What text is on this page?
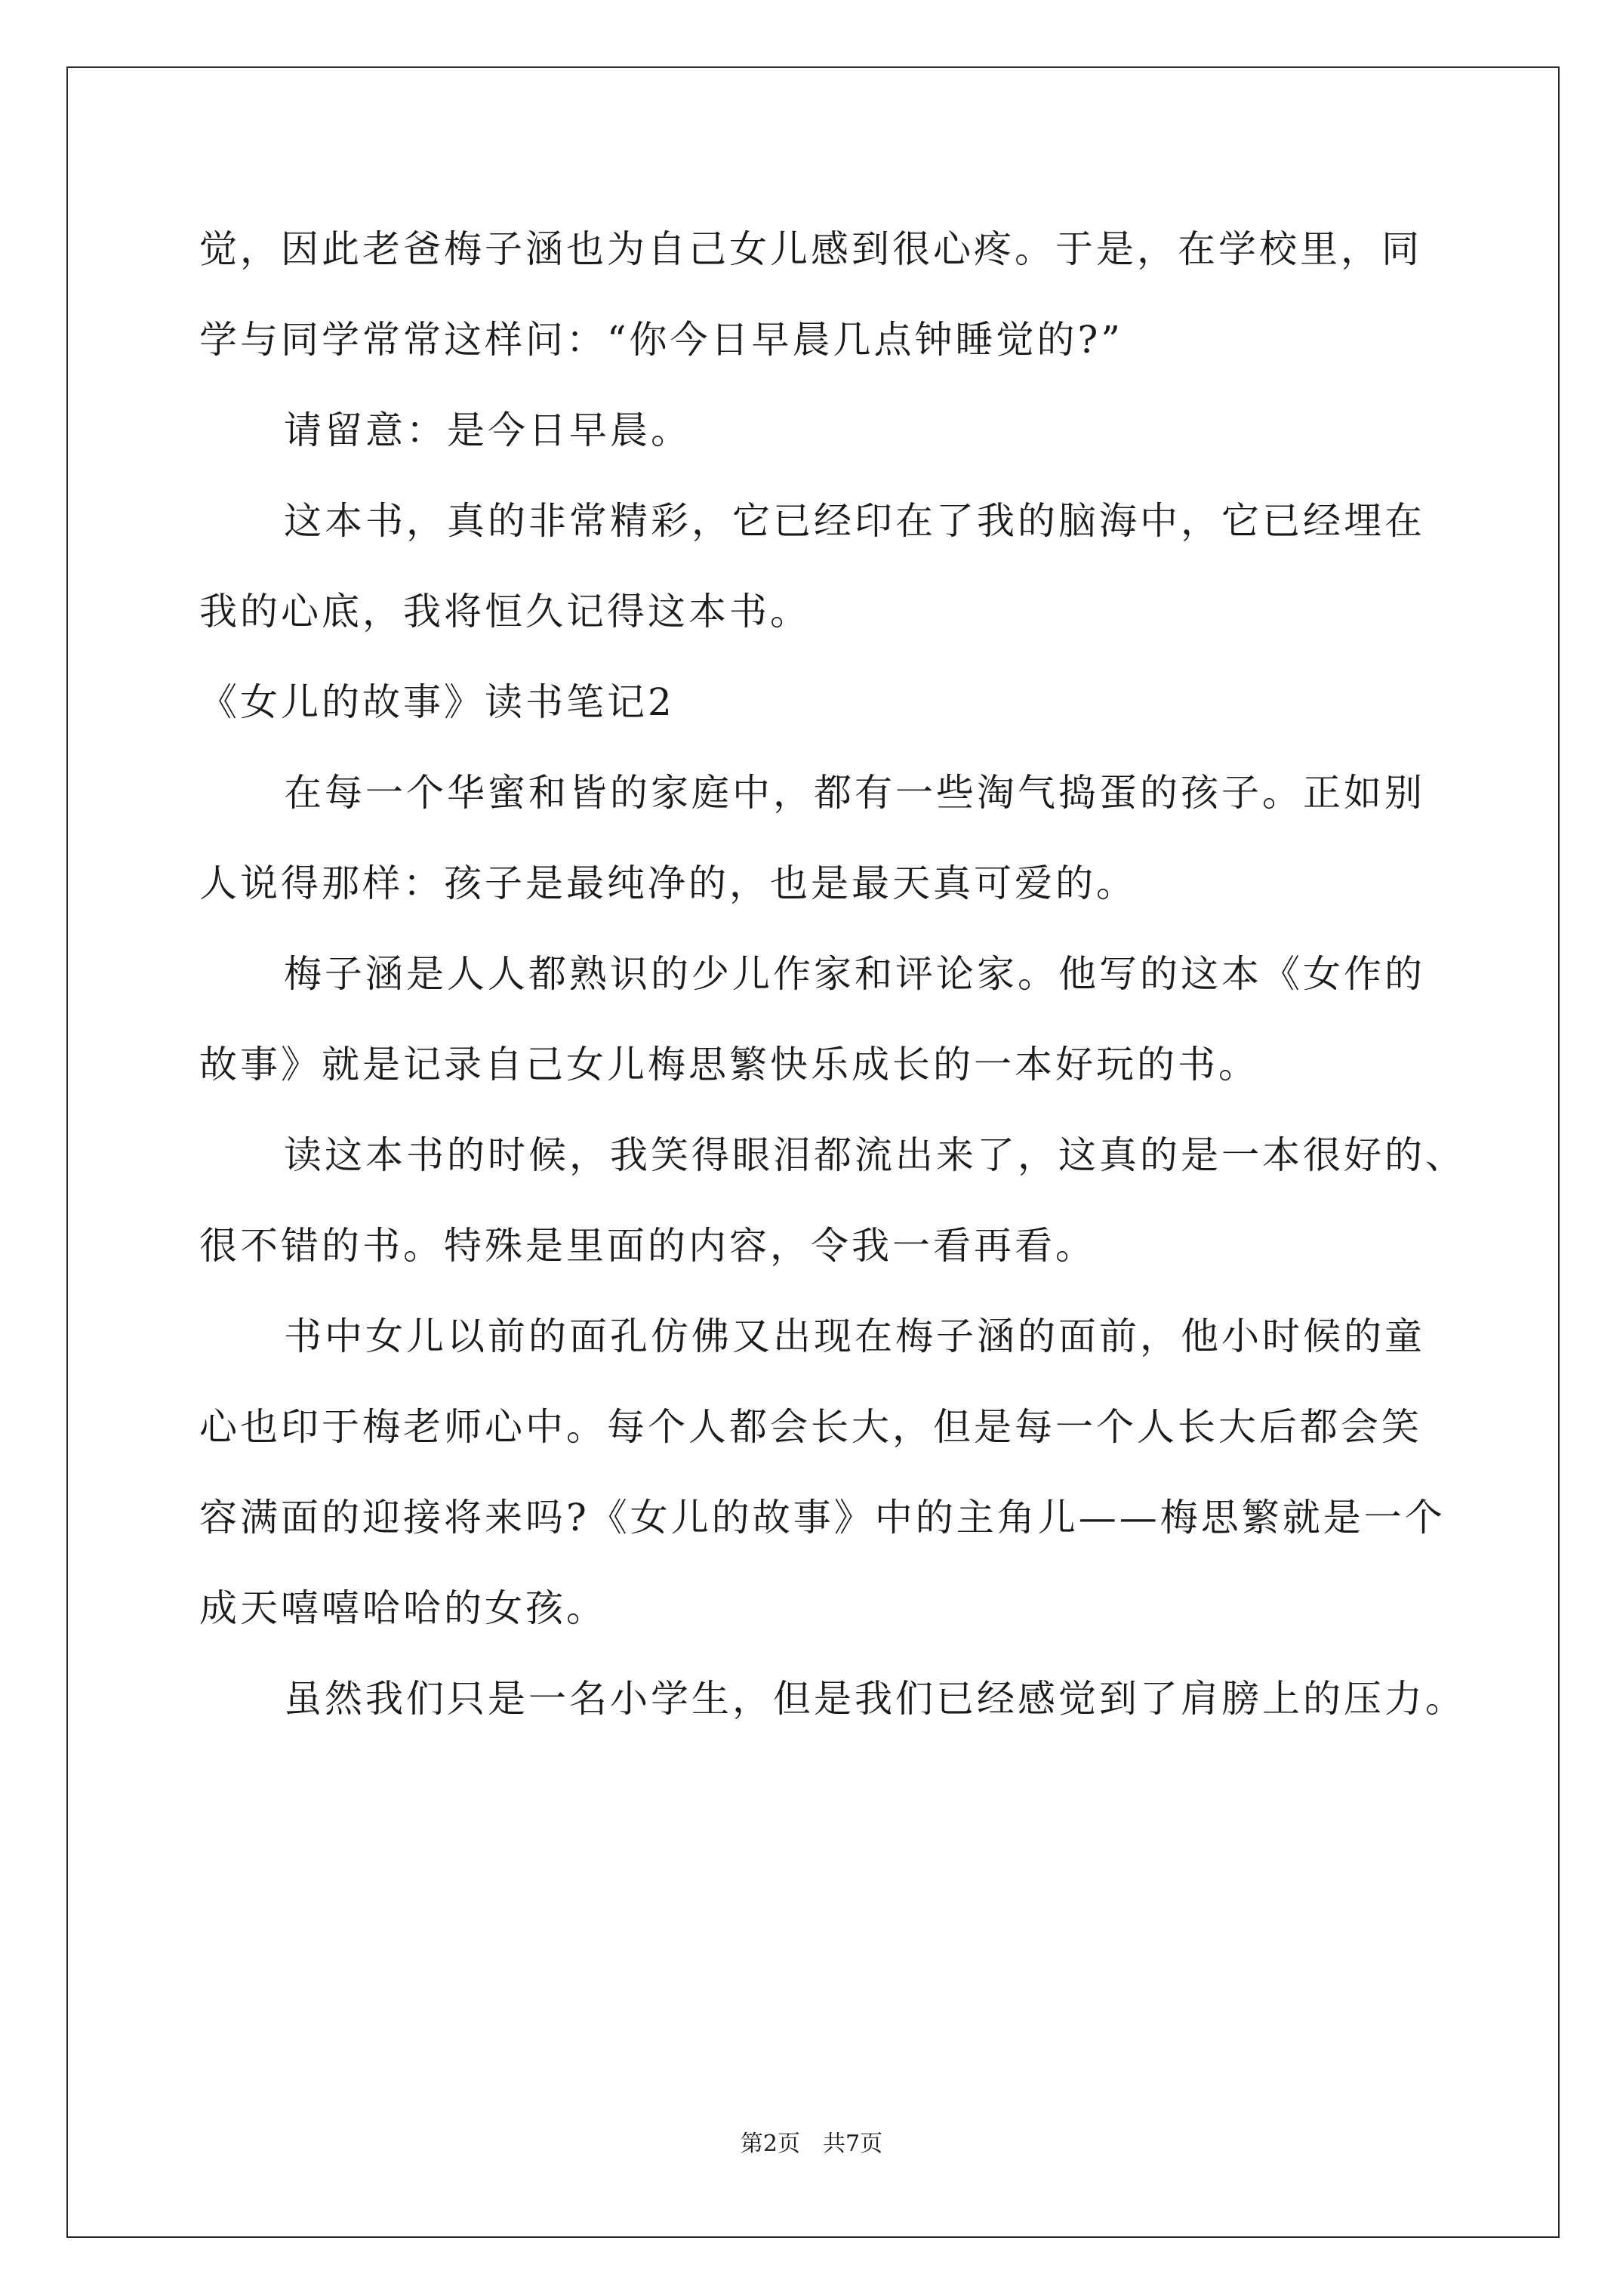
觉，因此老爸梅子涵也为自己女儿感到很心疼。于是，在学校里，同
学与同学常常这样问：“你今日早晨几点钟睡觉的?”
请留意：是今日早晨。
这本书，真的非常精彩，它已经印在了我的脑海中，它已经埋在
我的心底，我将恒久记得这本书。
《女儿的故事》读书笔记2
在每一个华蜜和皆的家庭中，都有一些淘气捣蛋的孩子。正如别
人说得那样：孩子是最纯净的，也是最天真可爱的。
梅子涵是人人都熟识的少儿作家和评论家。他写的这本《女作的
故事》就是记录自己女儿梅思繁快乐成长的一本好玩的书。
读这本书的时候，我笑得眼泪都流出来了，这真的是一本很好的、
很不错的书。特殊是里面的内容，令我一看再看。
书中女儿以前的面孔仿佛又出现在梅子涵的面前，他小时候的童
心也印于梅老师心中。每个人都会长大，但是每一个人长大后都会笑
容满面的迎接将来吗?《女儿的故事》中的主角儿——梅思繁就是一个
成天嘻嘻哈哈的女孩。
虽然我们只是一名小学生，但是我们已经感觉到了肩膀上的压力。
第2页　共7页
